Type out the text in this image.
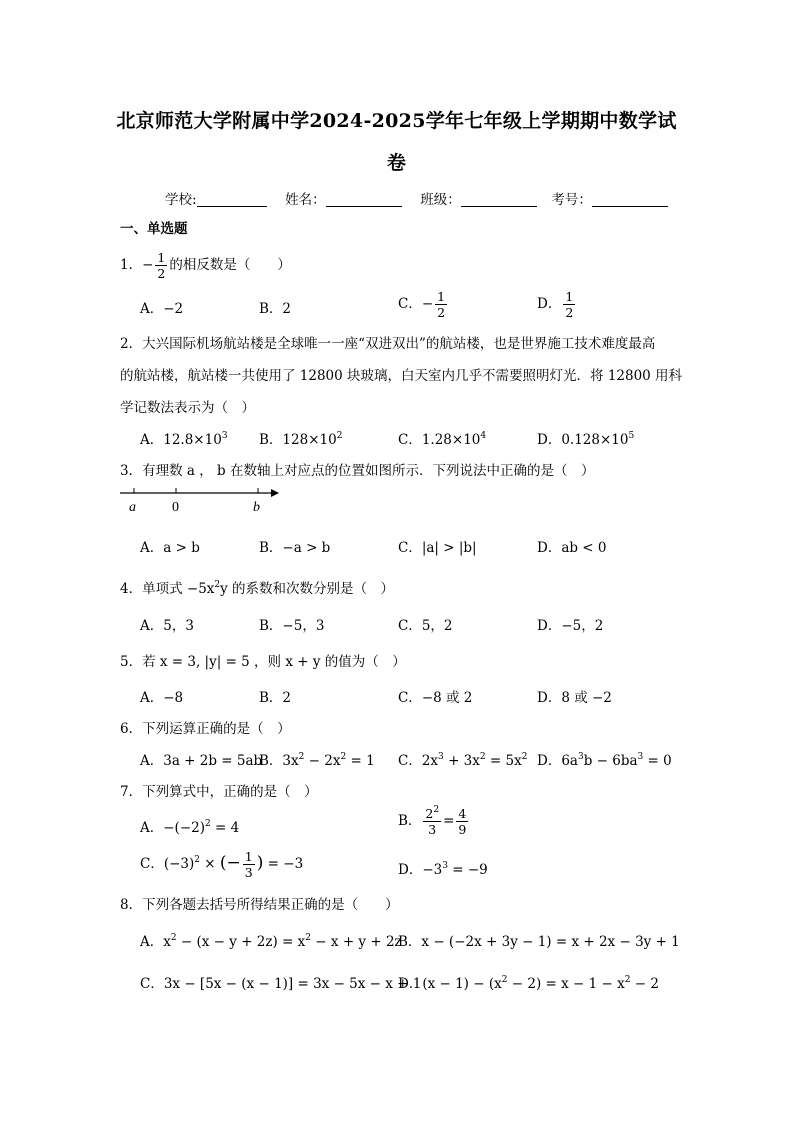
北京师范大学附属中学2024-2025学年七年级上学期期中数学试
卷
学校:	姓名：	班级：	考号：
一、单选题
1．− $\frac{1}{2}$ 的相反数是（　　）
A．−2	B．2	C．− $\frac{1}{2}$	D． $\frac{1}{2}$
2．大兴国际机场航站楼是全球唯一一座“双进双出”的航站楼，也是世界施工技术难度最高
的航站楼，航站楼一共使用了 12800 块玻璃，白天室内几乎不需要照明灯光．将 12800 用科
学记数法表示为（　）
A．$12.8\times 10^3$ B．$128\times 10^2$	C．$1.28\times 10^4$	D．$0.128\times 10^5$
3．有理数 a ， b 在数轴上对应点的位置如图所示．下列说法中正确的是（　）
a	0	b
A．a > b	B．−a > b	C．|a| > |b|	D．ab < 0
4．单项式 $-5x^2y$ 的系数和次数分别是（　）
A．5，3	B．−5，3	C．5，2	D．−5，2
5．若 x = 3, |y| = 5 ，则 x + y 的值为（　）
A．−8	B．2	C．−8 或 2	D．8 或 −2
6．下列运算正确的是（　）
A．3a + 2b = 5ab
B．$3x^2 - 2x^2 = 1$ C．$2x^3 + 3x^2 = 5x^2$ D．$6a^3b - 6ba^3 = 0$
7．下列算式中，正确的是（　）
A．$-(-2)^2 = 4$	B． $\frac{2^2}{3} = \frac{4}{9}$
C．$(-3)^2$ × (− $\frac{1}{3}$ ) = −3	D．$-3^3 = -9$
8．下列各题去括号所得结果正确的是（　　）
A．$x^2 - (x - y + 2z) = x^2 - x + y + 2z$
B．x − (−2x + 3y − 1) = x + 2x − 3y + 1
C．3x − [5x − (x − 1)] = 3x − 5x − x + 1
D．$(x - 1) - (x^2 - 2) = x - 1 - x^2 - 2$
